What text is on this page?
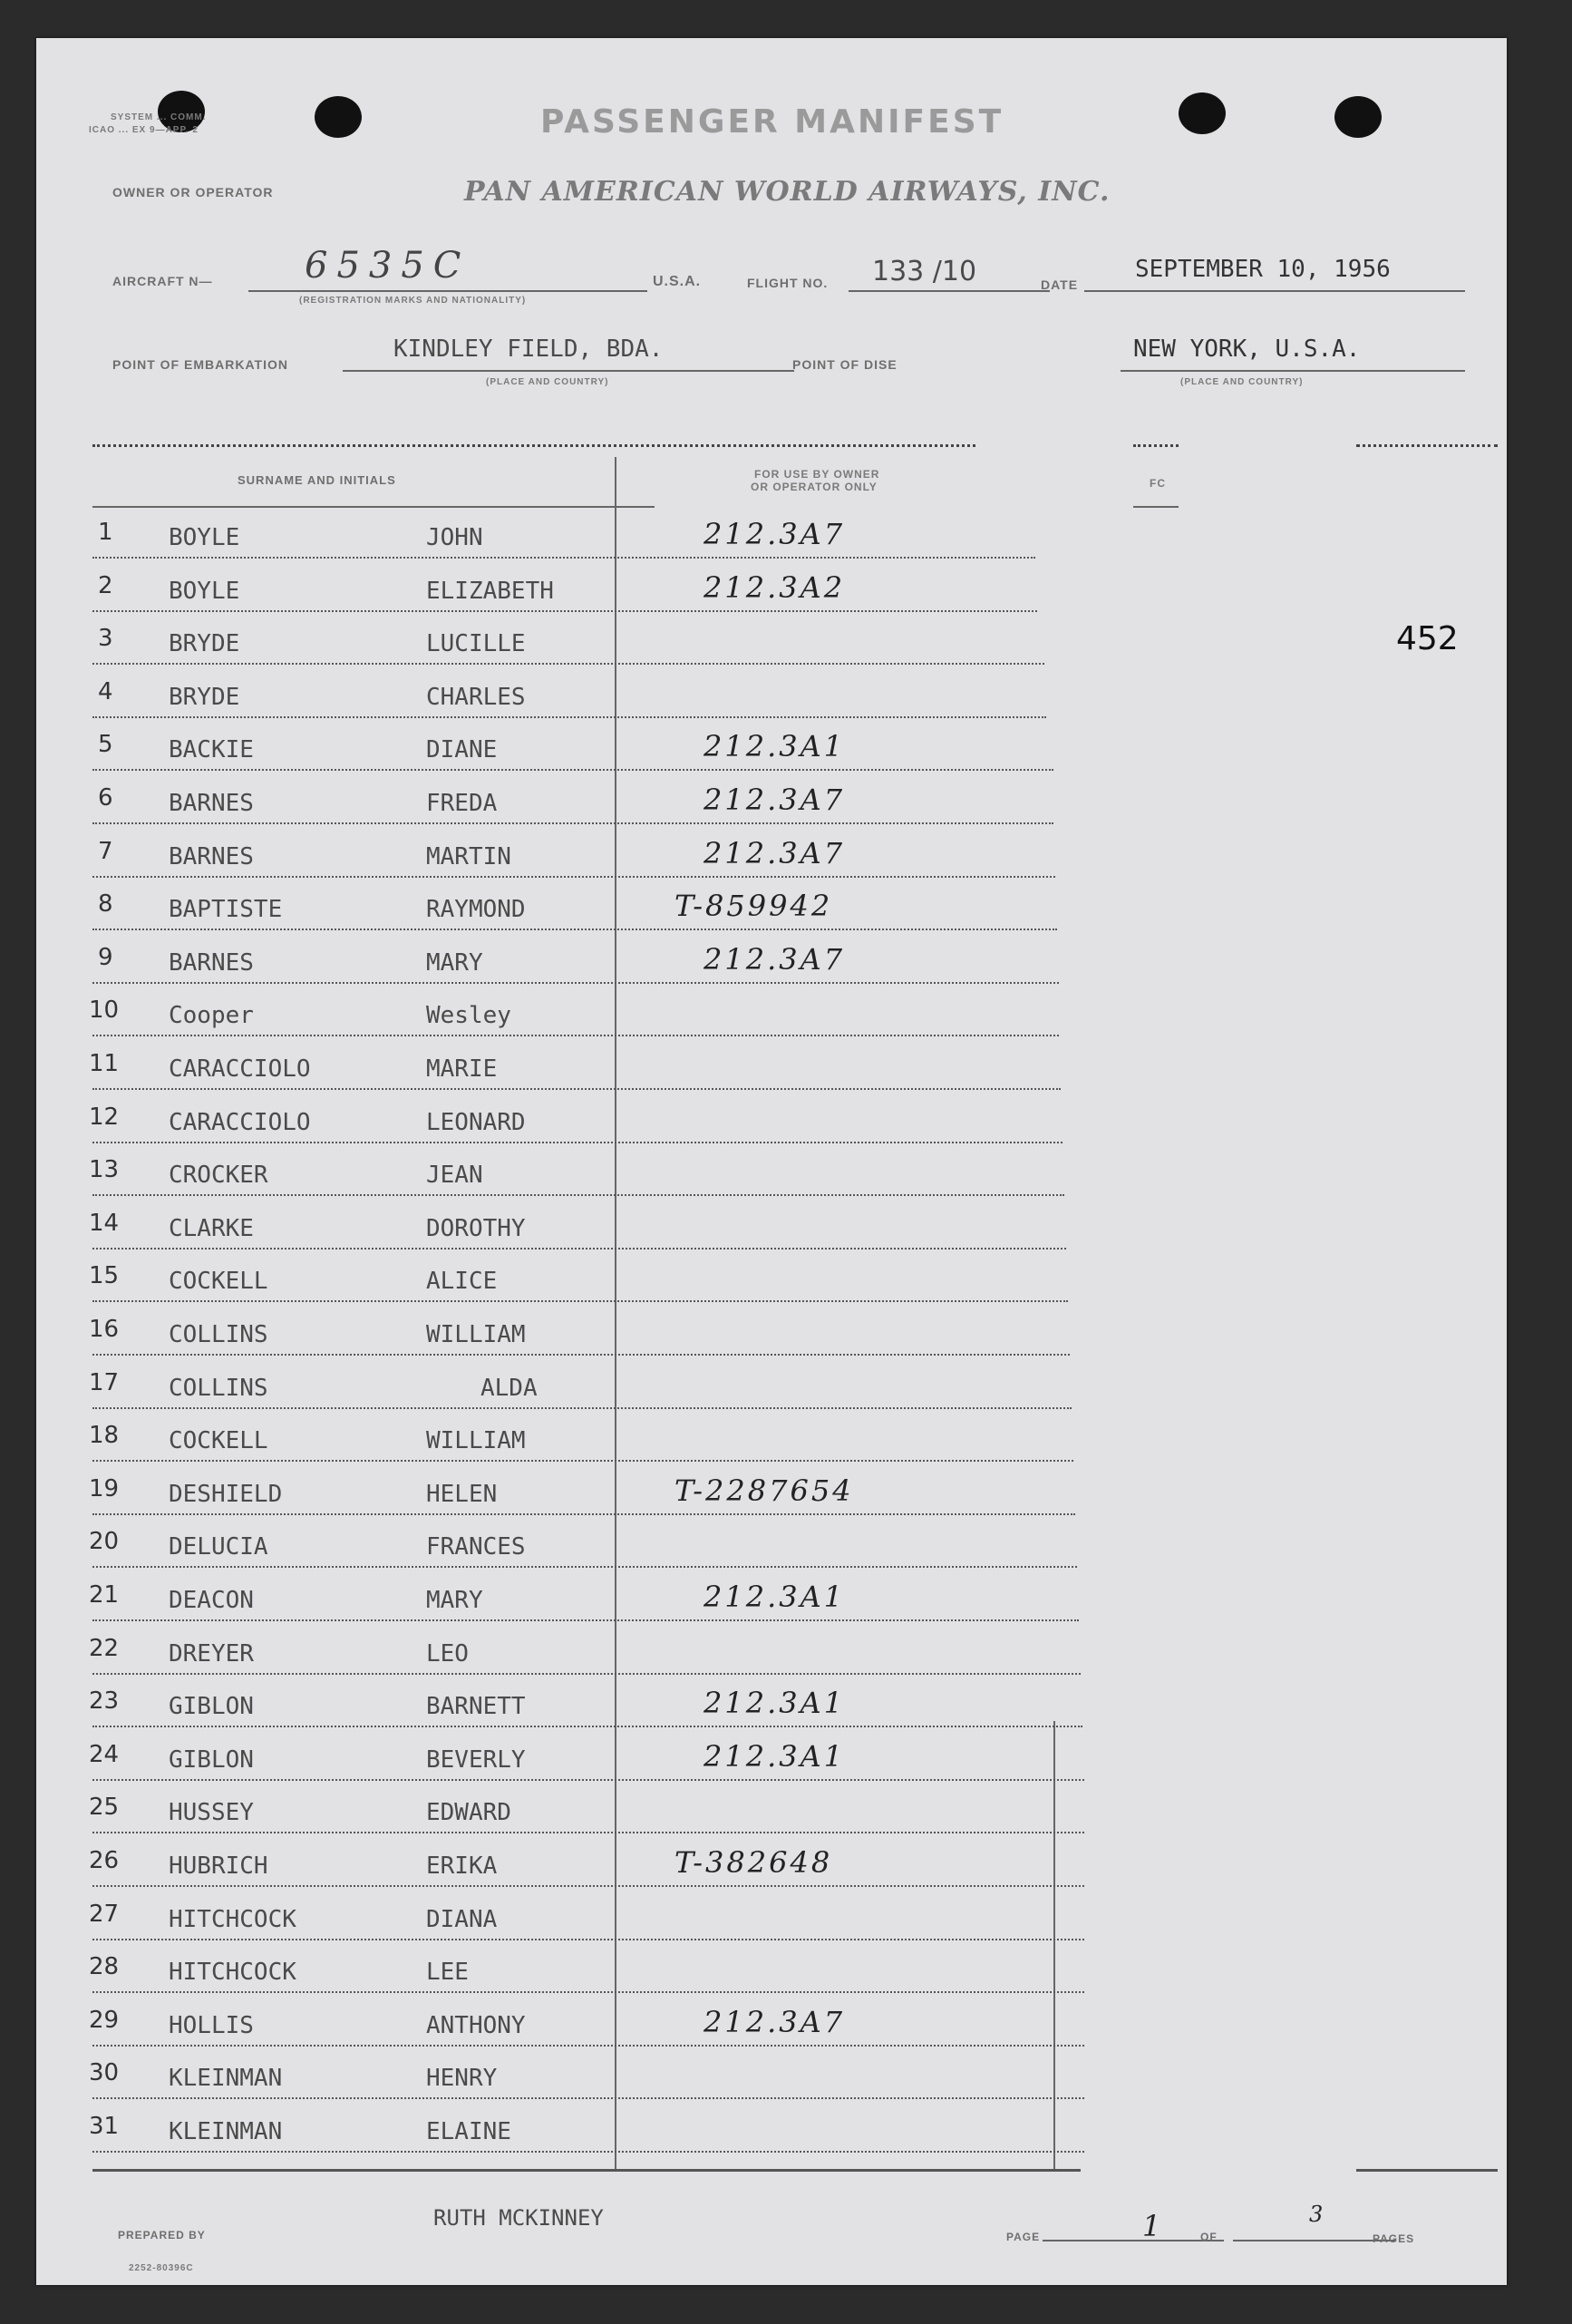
SYSTEM ... COMM.
ICAO ... EX 9—APP. 2	PASSENGER MANIFEST
OWNER OR OPERATOR	PAN AMERICAN WORLD AIRWAYS, INC.
AIRCRAFT N—	6535C
(REGISTRATION MARKS AND NATIONALITY)
U.S.A.	FLIGHT NO. 133 /10	DATE
SEPTEMBER 10, 1956
POINT OF EMBARKATION
KINDLEY FIELD, BDA.
(PLACE AND COUNTRY)
POINT OF DISE
NEW YORK, U.S.A.
(PLACE AND COUNTRY)
SURNAME AND INITIALS	FOR USE BY OWNER
OR OPERATOR ONLY	FC
452
1 BOYLE	JOHN	212.3A7
2 BOYLE	ELIZABETH	212.3A2
3 BRYDE	LUCILLE
4 BRYDE	CHARLES
5 BACKIE	DIANE	212.3A1
6 BARNES	FREDA	212.3A7
7 BARNES	MARTIN	212.3A7
8 BAPTISTE	RAYMOND	T-859942
9 BARNES	MARY	212.3A7
10 Cooper	Wesley
11 CARACCIOLO	MARIE
12 CARACCIOLO	LEONARD
13 CROCKER	JEAN
14 CLARKE	DOROTHY
15 COCKELL	ALICE
16 COLLINS	WILLIAM
17 COLLINS	ALDA
18 COCKELL	WILLIAM
19 DESHIELD	HELEN	T-2287654
20 DELUCIA	FRANCES
21 DEACON	MARY	212.3A1
22 DREYER	LEO
23 GIBLON	BARNETT	212.3A1
24 GIBLON	BEVERLY	212.3A1
25 HUSSEY	EDWARD
26 HUBRICH	ERIKA	T-382648
27 HITCHCOCK	DIANA
28 HITCHCOCK	LEE
29 HOLLIS	ANTHONY	212.3A7
30 KLEINMAN	HENRY
31 KLEINMAN	ELAINE
PREPARED BY
RUTH MCKINNEY
PAGE	1	OF
3
PAGES
2252-80396C
